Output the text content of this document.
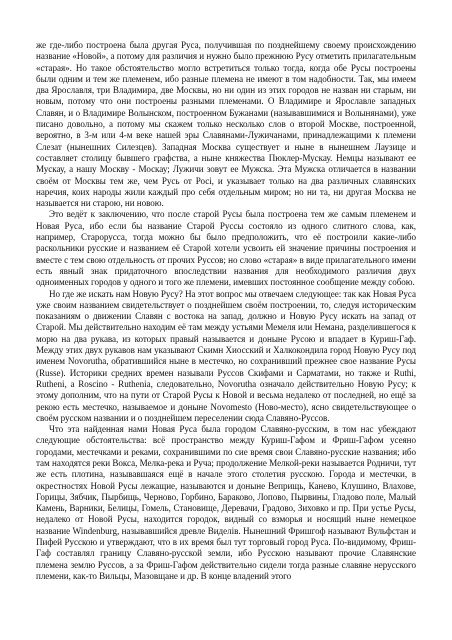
же где-либо построена была другая Руса, получившая по позднейшему своему происхождению название «Новой», а потому для различия и нужно было прежнюю Русу отметить прилагательным «старая». Но такое обстоятельство могло встретиться только тогда, когда обе Русы построены были одним и тем же племенем, ибо разные племена не имеют в том надобности. Так, мы имеем два Ярославля, три Владимира, две Москвы, но ни один из этих городов не назван ни старым, ни новым, потому что они построены разными племенами. О Владимире и Ярославле западных Славян, и о Владимире Волынском, построенном Бужанами (называвшимися и Волынянами), уже писано довольно, а потому мы скажем только несколько слов о второй Москве, построенной, вероятно, в 3-м или 4-м веке нашей эры Славянами-Лужичанами, принадлежащими к племени Слезат (нынешних Силезцев). Западная Москва существует и ныне в нынешнем Лаузице и составляет столицу бывшего графства, а ныне княжества Пюклер-Мускау. Немцы называют ее Мускау, а нашу Москву - Москау; Лужичи зовут ее Мужска. Эта Мужска отличается в названии своём от Москвы тем же, чем Русь от Росі, и указывает только на два различных славянских наречия, коих народы жили каждый про себя отдельным миром; но ни та, ни другая Москва не называется ни старою, ни новою.

Это ведёт к заключению, что после старой Русы была построена тем же самым племенем и Новая Руса, ибо если бы название Старой Руссы состояло из одного слитного слова, как, например, Старорусса, тогда можно бы было предположить, что её построили какие-либо раскольники русские и названием её Старой хотели усвоить ей значение причины построения и вместе с тем свою отдельность от прочих Руссов; но слово «старая» в виде прилагательного имени есть явный знак придаточного впоследствии названия для необходимого различия двух одноименных городов у одного и того же племени, имевших постоянное сообщение между собою.

Но где же искать нам Новую Русу? На этот вопрос мы отвечаем следующее: так как Новая Руса уже своим названием свидетельствует о позднейшем своём построении, то, следуя историческим показаниям о движении Славян с востока на запад, должно и Новую Русу искать на запад от Старой. Мы действительно находим её там между устьями Мемеля или Немана, разделившегося к морю на два рукава, из которых правый называется и доныне Русою и впадает в Куриш-Гаф. Между этих двух рукавов нам указывают Скимн Хиосский и Халкокондила город Новую Русу под именем Novorutha, обратившийся ныне в местечко, но сохранивший прежнее свое название Русы (Russe). Историки средних времен называли Руссов Скифами и Сарматами, но также и Ruthi, Rutheni, а Roscino - Ruthenia, следовательно, Novorutha означало действительно Новую Русу; к этому дополним, что на пути от Старой Русы к Новой и весьма недалеко от последней, но ещё за рекою есть местечко, называемое и доныне Novomesto (Ново-место), ясно свидетельствующее о своём русском названии и о позднейшем переселении сюда Славяно-Руссов.

Что эта найденная нами Новая Руса была городом Славяно-русским, в том нас убеждают следующие обстоятельства: всё пространство между Куриш-Гафом и Фриш-Гафом усеяно городами, местечками и реками, сохранившими по сие время свои Славяно-русские названия; ибо там находятся реки Вокса, Мелка-река и Руча; продолжение Мелкой-реки называется Родничи, тут же есть плотина, называвшаяся ещё в начале этого столетия русскою. Города и местечки, в окрестностях Новой Русы лежащие, называются и доныне Веприщь, Канево, Клушино, Влахове, Горицы, Зябчик, Пырбищь, Черново, Горбино, Бараково, Лопово, Пырвины, Гладово поле, Малый Камень, Варники, Белицы, Гомель, Становище, Деревачи, Градово, Зиховко и пр. При устье Русы, недалеко от Новой Русы, находится городок, видный со взморья и носящий ныне немецкое название Windenburg, называвшийся древле Виделів. Нынешний Фришгоф называют Вульфстан и Пифей Русскою и утверждают, что в их время был тут торговый город Руса. По-видимому, Фриш-Гаф составлял границу Славяно-русской земли, ибо Русскою называют прочие Славянские племена землю Руссов, а за Фриш-Гафом действительно сидели тогда разные славяне нерусского племени, как-то Вильцы, Мазовщане и др. В конце владений этого
